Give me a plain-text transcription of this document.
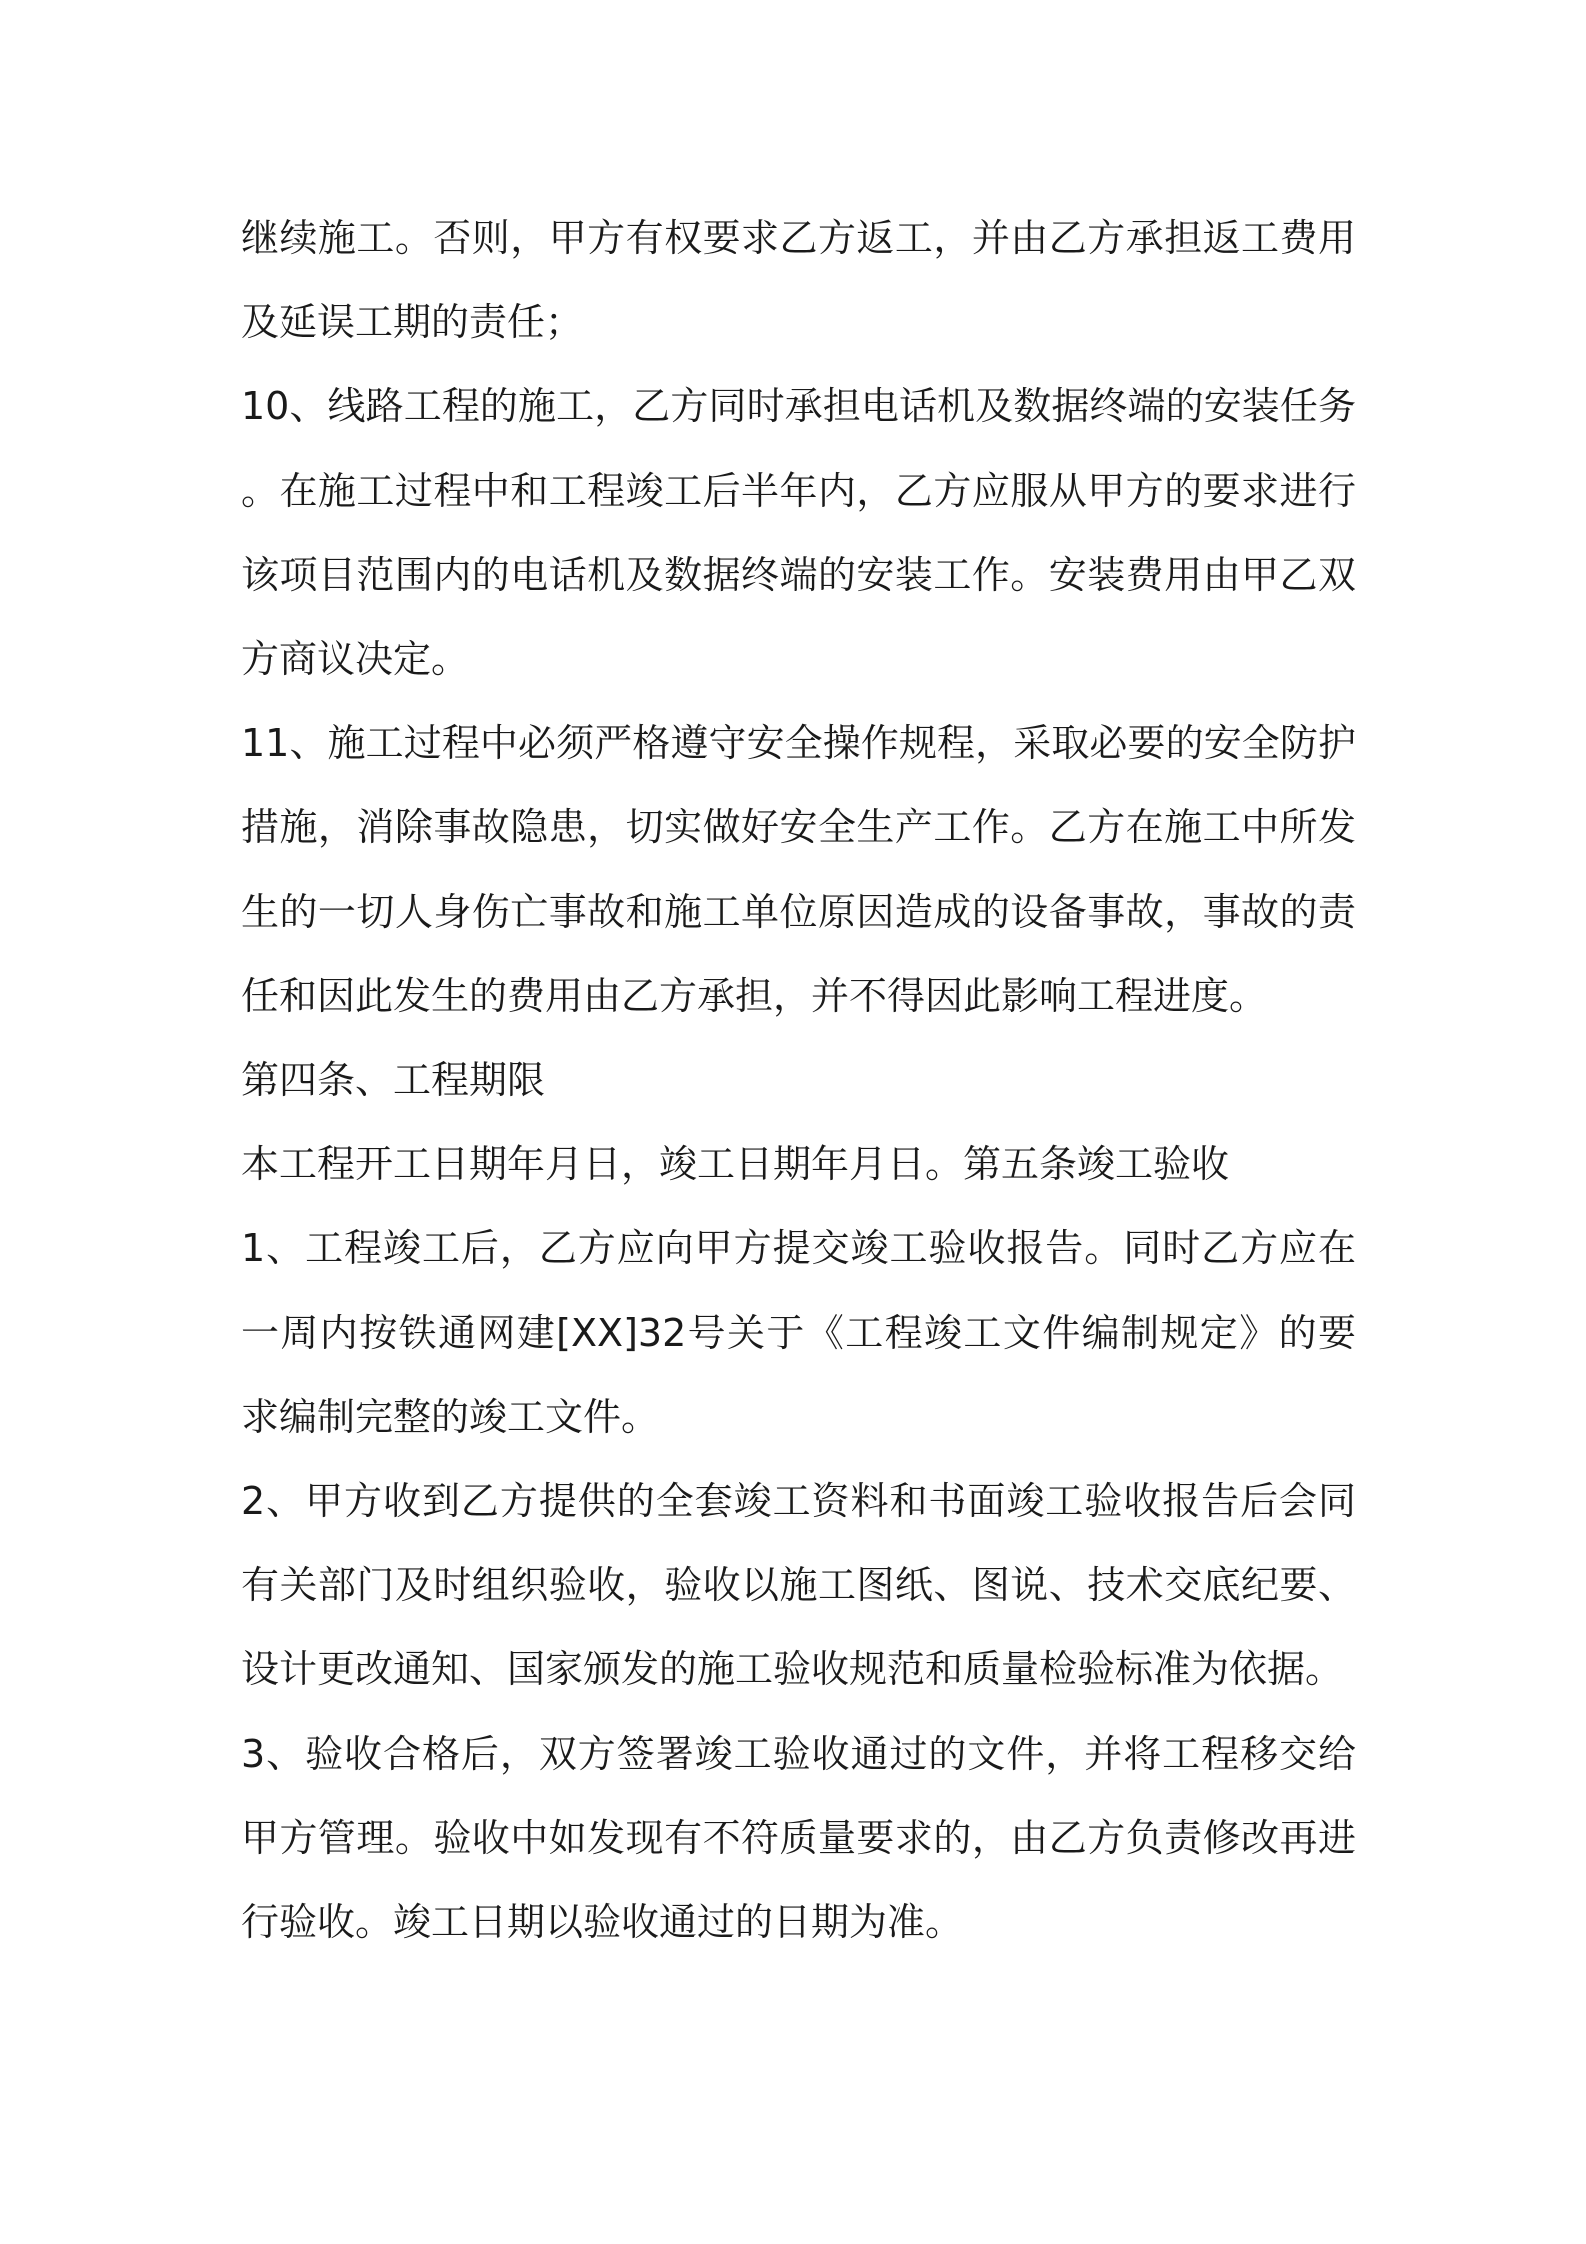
继续施工。否则，甲方有权要求乙方返工，并由乙方承担返工费用及延误工期的责任；

10、线路工程的施工，乙方同时承担电话机及数据终端的安装任务。在施工过程中和工程竣工后半年内，乙方应服从甲方的要求进行该项目范围内的电话机及数据终端的安装工作。安装费用由甲乙双方商议决定。

11、施工过程中必须严格遵守安全操作规程，采取必要的安全防护措施，消除事故隐患，切实做好安全生产工作。乙方在施工中所发生的一切人身伤亡事故和施工单位原因造成的设备事故，事故的责任和因此发生的费用由乙方承担，并不得因此影响工程进度。

第四条、工程期限

本工程开工日期年月日，竣工日期年月日。第五条竣工验收

1、工程竣工后，乙方应向甲方提交竣工验收报告。同时乙方应在一周内按铁通网建[XX]32号关于《工程竣工文件编制规定》的要求编制完整的竣工文件。

2、甲方收到乙方提供的全套竣工资料和书面竣工验收报告后会同有关部门及时组织验收，验收以施工图纸、图说、技术交底纪要、设计更改通知、国家颁发的施工验收规范和质量检验标准为依据。

3、验收合格后，双方签署竣工验收通过的文件，并将工程移交给甲方管理。验收中如发现有不符质量要求的，由乙方负责修改再进行验收。竣工日期以验收通过的日期为准。
